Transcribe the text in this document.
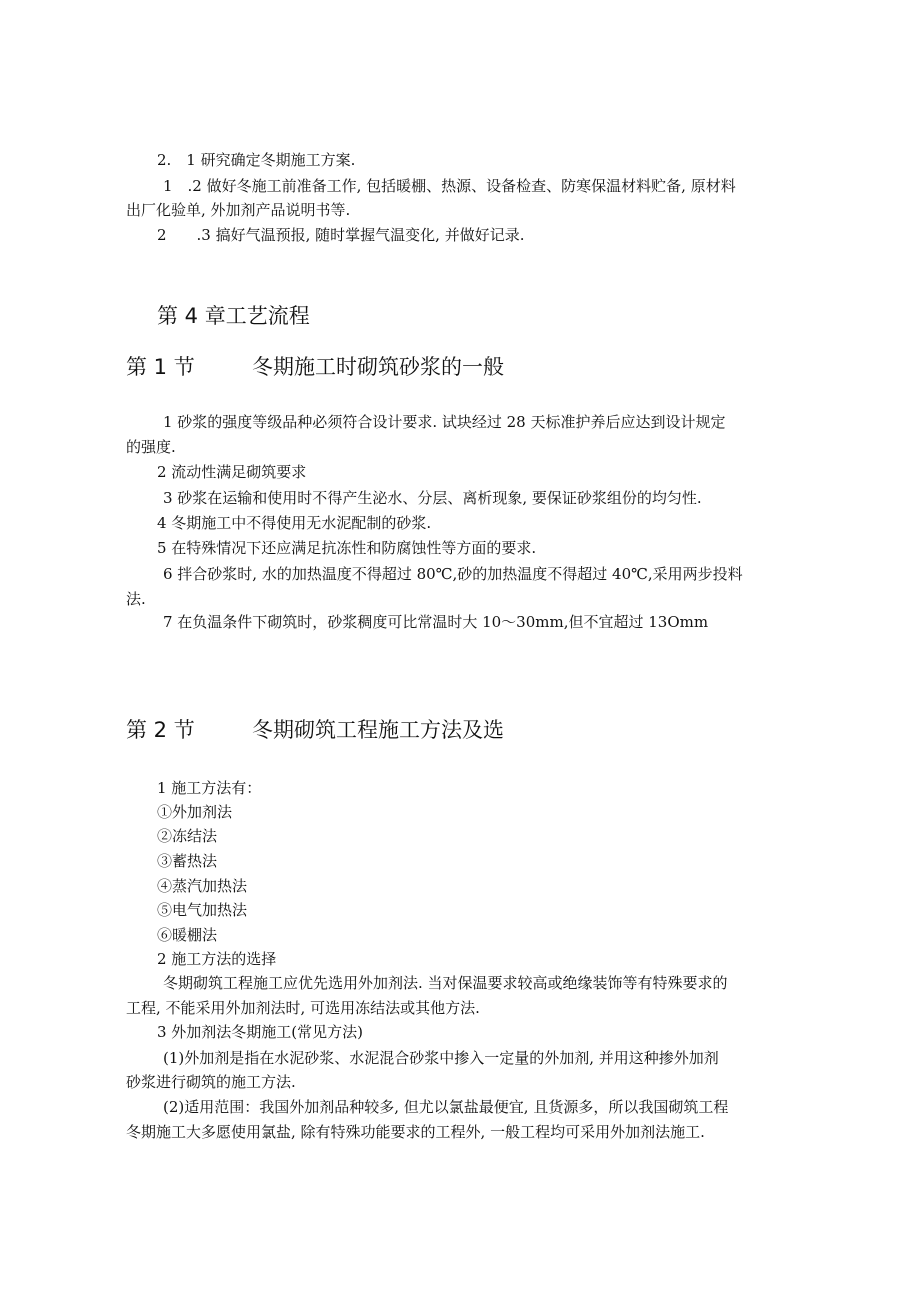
2.　1 研究确定冬期施工方案.
1　.2 做好冬施工前准备工作, 包括暖棚、热源、设备检查、防寒保温材料贮备, 原材料
出厂化验单, 外加剂产品说明书等.
2　　.3 搞好气温预报, 随时掌握气温变化, 并做好记录.
第 4 章工艺流程
第 1 节	冬期施工时砌筑砂浆的一般
1 砂浆的强度等级品种必须符合设计要求. 试块经过 28 天标准护养后应达到设计规定
的强度.
2 流动性满足砌筑要求
3 砂浆在运输和使用时不得产生泌水、分层、离析现象, 要保证砂浆组份的均匀性.
4 冬期施工中不得使用无水泥配制的砂浆.
5 在特殊情况下还应满足抗冻性和防腐蚀性等方面的要求.
6 拌合砂浆时, 水的加热温度不得超过 80℃,砂的加热温度不得超过 40℃,采用两步投料
法.
7 在负温条件下砌筑时，砂浆稠度可比常温时大 10～30mm,但不宜超过 13Omm
第 2 节	冬期砌筑工程施工方法及选
1 施工方法有：
①外加剂法
②冻结法
③蓄热法
④蒸汽加热法
⑤电气加热法
⑥暖棚法
2 施工方法的选择
冬期砌筑工程施工应优先选用外加剂法. 当对保温要求较高或绝缘装饰等有特殊要求的
工程, 不能采用外加剂法时, 可选用冻结法或其他方法.
3 外加剂法冬期施工(常见方法)
(1)外加剂是指在水泥砂浆、水泥混合砂浆中掺入一定量的外加剂, 并用这种掺外加剂
砂浆进行砌筑的施工方法.
(2)适用范围：我国外加剂品种较多, 但尤以氯盐最便宜, 且货源多，所以我国砌筑工程
冬期施工大多愿使用氯盐, 除有特殊功能要求的工程外, 一般工程均可采用外加剂法施工.
